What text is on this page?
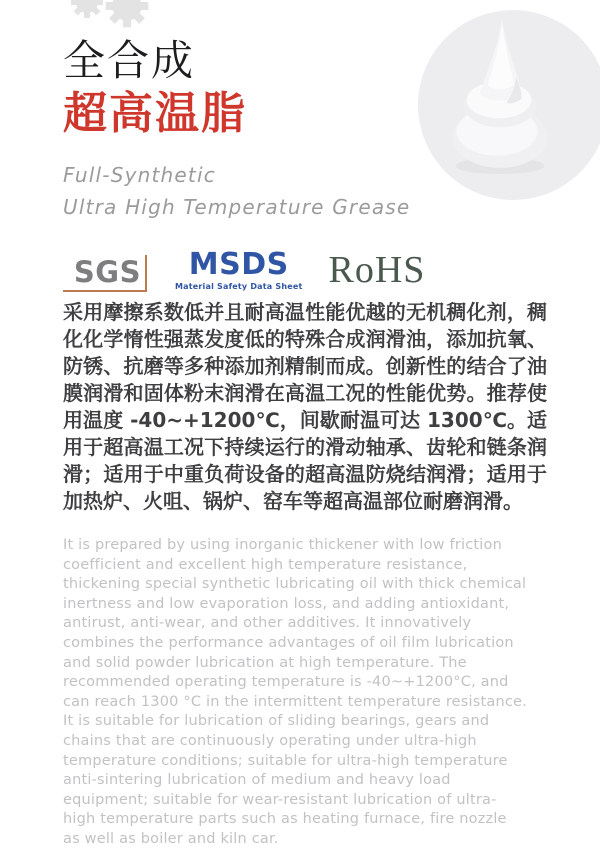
全合成
超高温脂
Full-Synthetic
Ultra High Temperature Grease
SGS	MSDS
Material Safety Data Sheet RoHS
采用摩擦系数低并且耐高温性能优越的无机稠化剂，稠化化学惰性强蒸发度低的特殊合成润滑油，添加抗氧、防锈、抗磨等多种添加剂精制而成。创新性的结合了油膜润滑和固体粉末润滑在高温工况的性能优势。推荐使用温度 -40~+1200℃，间歇耐温可达 1300℃。适用于超高温工况下持续运行的滑动轴承、齿轮和链条润滑；适用于中重负荷设备的超高温防烧结润滑；适用于加热炉、火咀、锅炉、窑车等超高温部位耐磨润滑。
It is prepared by using inorganic thickener with low friction coefficient and excellent high temperature resistance, thickening special synthetic lubricating oil with thick chemical inertness and low evaporation loss, and adding antioxidant, antirust, anti-wear, and other additives. It innovatively combines the performance advantages of oil film lubrication and solid powder lubrication at high temperature. The recommended operating temperature is -40~+1200°C, and can reach 1300 °C in the intermittent temperature resistance. It is suitable for lubrication of sliding bearings, gears and chains that are continuously operating under ultra-high temperature conditions; suitable for ultra-high temperature anti-sintering lubrication of medium and heavy load equipment; suitable for wear-resistant lubrication of ultra-high temperature parts such as heating furnace, fire nozzle as well as boiler and kiln car.
